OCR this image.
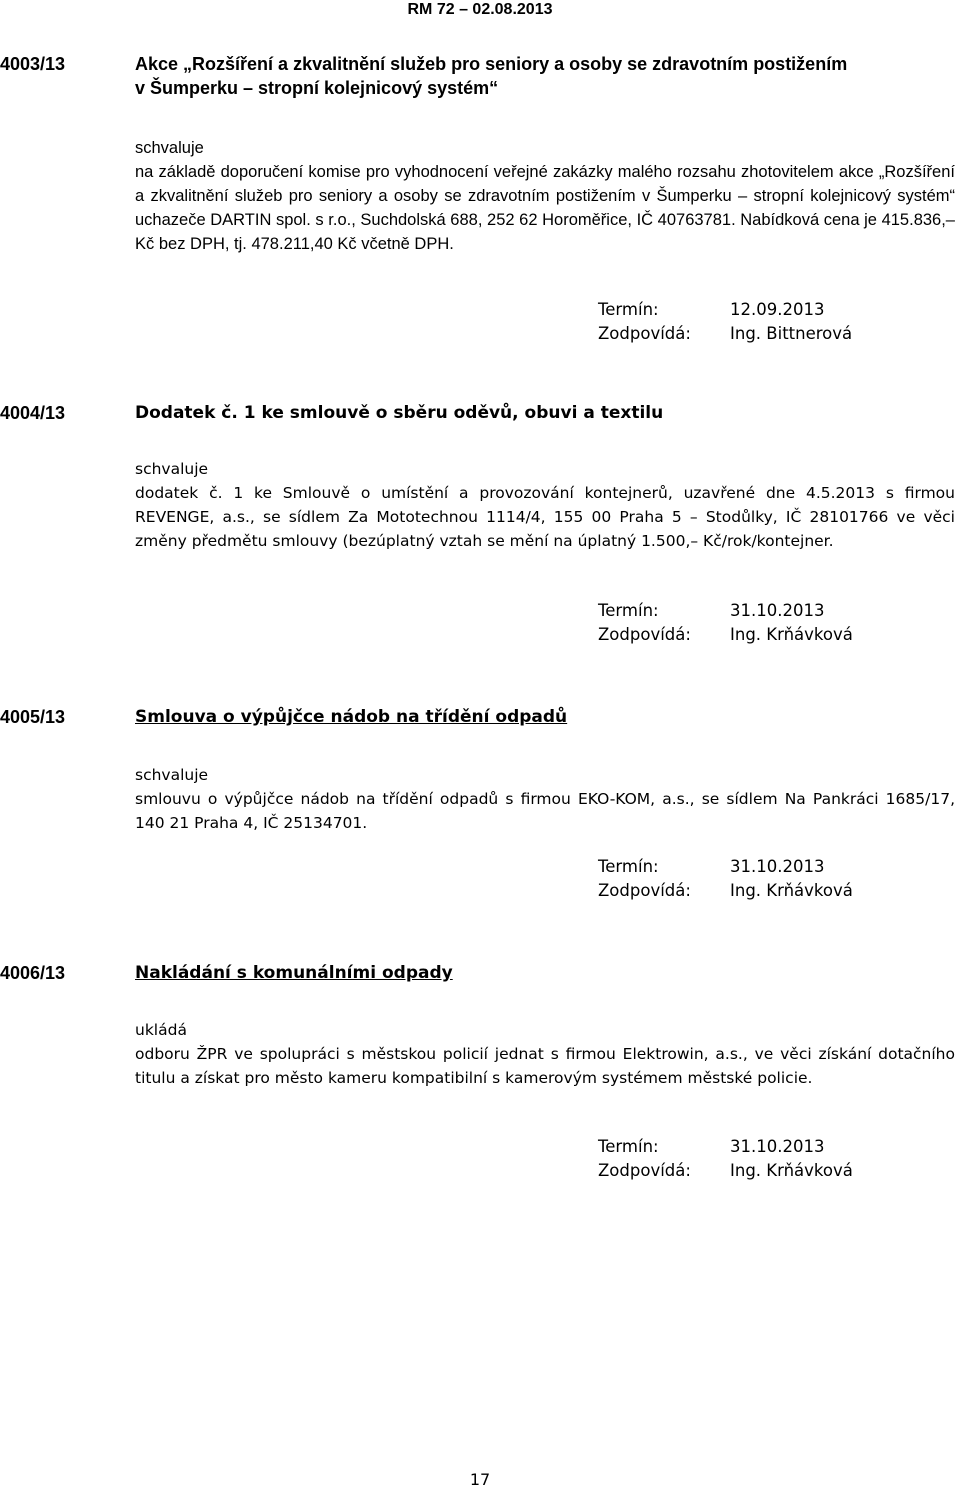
RM 72 – 02.08.2013
4003/13	Akce „Rozšíření a zkvalitnění služeb pro seniory a osoby se zdravotním postižením
v Šumperku – stropní kolejnicový systém“
schvaluje
na základě doporučení komise pro vyhodnocení veřejné zakázky malého rozsahu zhotovitelem akce „Rozšíření a zkvalitnění služeb pro seniory a osoby se zdravotním postižením v Šumperku – stropní kolejnicový systém“ uchazeče DARTIN spol. s r.o., Suchdolská 688, 252 62 Horoměřice, IČ 40763781. Nabídková cena je 415.836,– Kč bez DPH, tj. 478.211,40 Kč včetně DPH.
Termín:	12.09.2013
Zodpovídá:	Ing. Bittnerová
4004/13	Dodatek č. 1 ke smlouvě o sběru oděvů, obuvi a textilu
schvaluje
dodatek č. 1 ke Smlouvě o umístění a provozování kontejnerů, uzavřené dne 4.5.2013 s firmou REVENGE, a.s., se sídlem Za Mototechnou 1114/4, 155 00 Praha 5 – Stodůlky, IČ 28101766 ve věci změny předmětu smlouvy (bezúplatný vztah se mění na úplatný 1.500,– Kč/rok/kontejner.
Termín:	31.10.2013
Zodpovídá:	Ing. Krňávková
4005/13	Smlouva o výpůjčce nádob na třídění odpadů
schvaluje
smlouvu o výpůjčce nádob na třídění odpadů s firmou EKO-KOM, a.s., se sídlem Na Pankráci 1685/17, 140 21 Praha 4, IČ 25134701.
Termín:	31.10.2013
Zodpovídá:	Ing. Krňávková
4006/13	Nakládání s komunálními odpady
ukládá
odboru ŽPR ve spolupráci s městskou policií jednat s firmou Elektrowin, a.s., ve věci získání dotačního titulu a získat pro město kameru kompatibilní s kamerovým systémem městské policie.
Termín:	31.10.2013
Zodpovídá:	Ing. Krňávková
17
